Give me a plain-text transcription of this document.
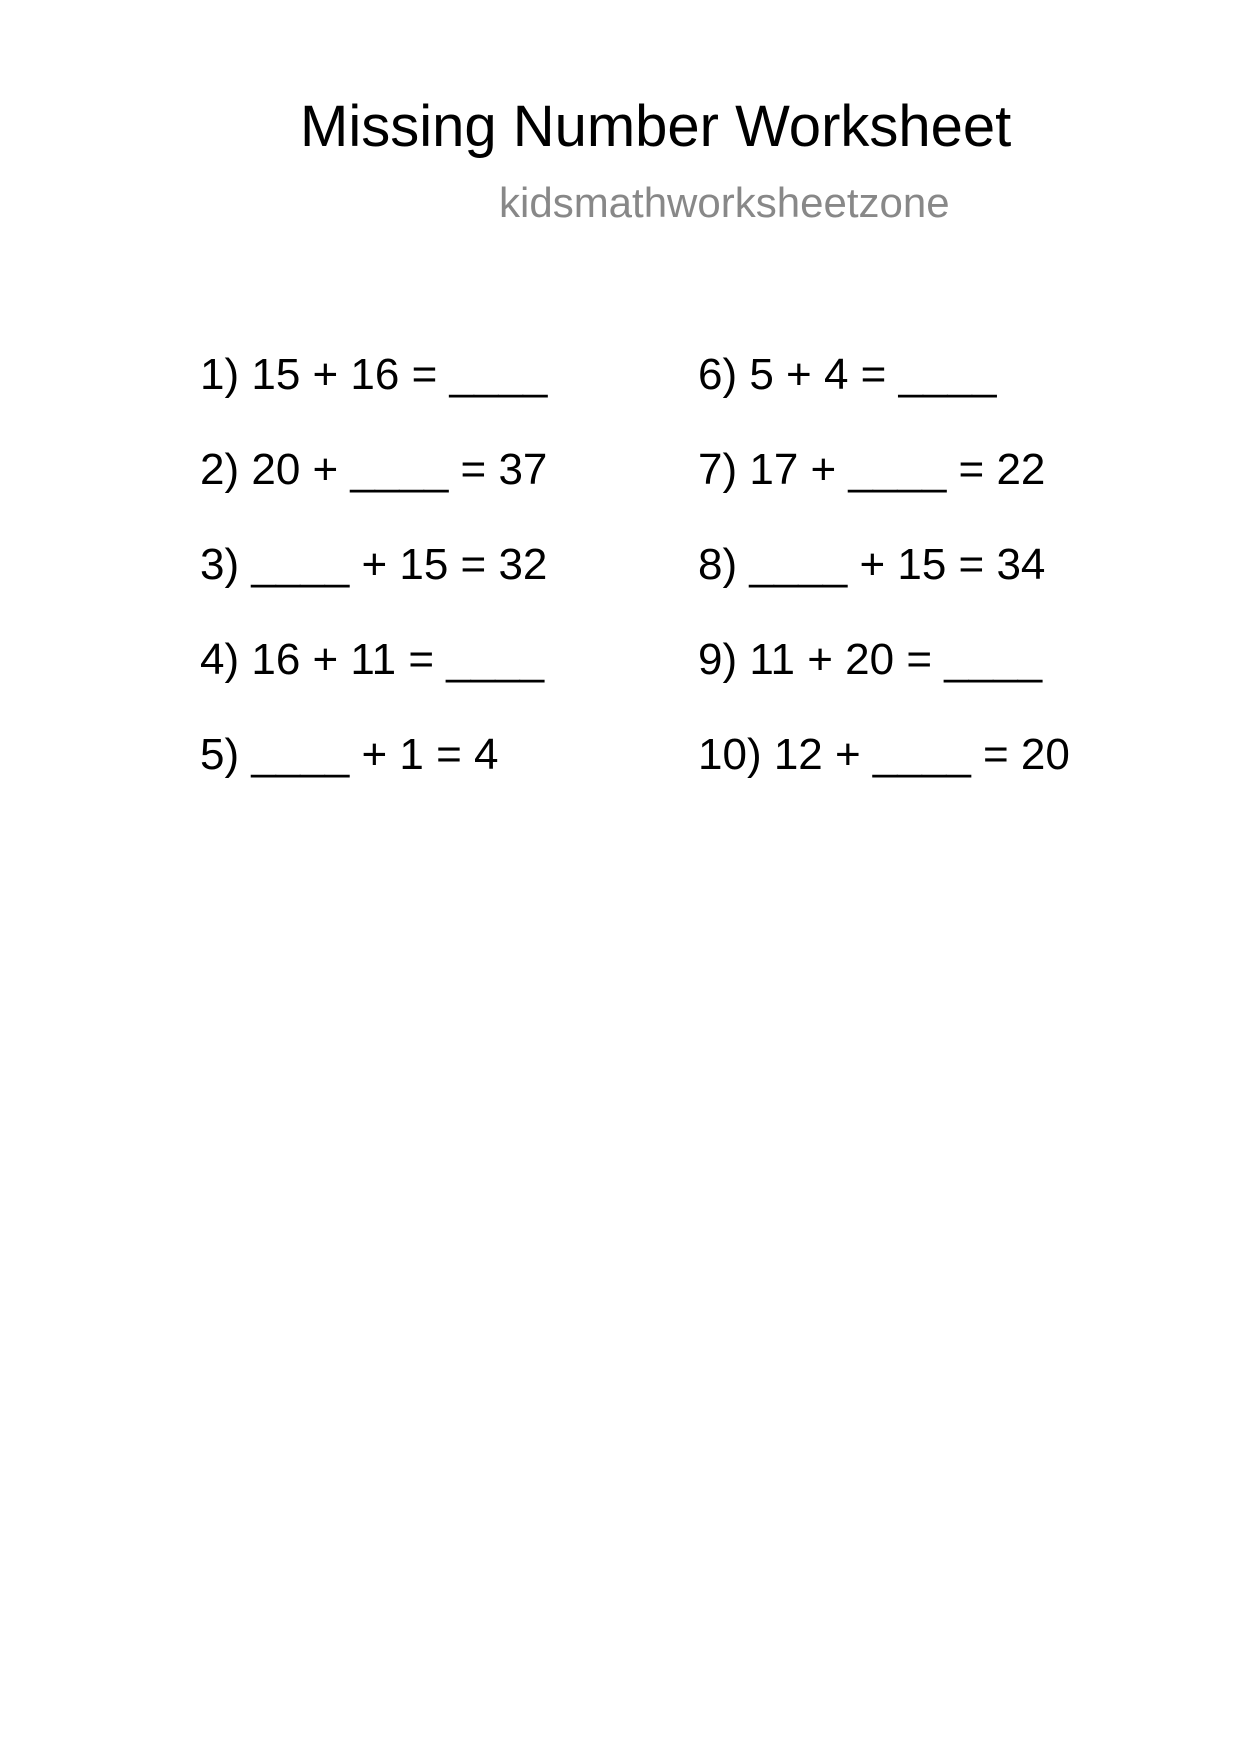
Missing Number Worksheet
kidsmathworksheetzone
1) 15 + 16 = ____
2) 20 + ____ = 37
3) ____ + 15 = 32
4) 16 + 11 = ____
5) ____ + 1 = 4
6) 5 + 4 = ____
7) 17 + ____ = 22
8) ____ + 15 = 34
9) 11 + 20 = ____
10) 12 + ____ = 20
